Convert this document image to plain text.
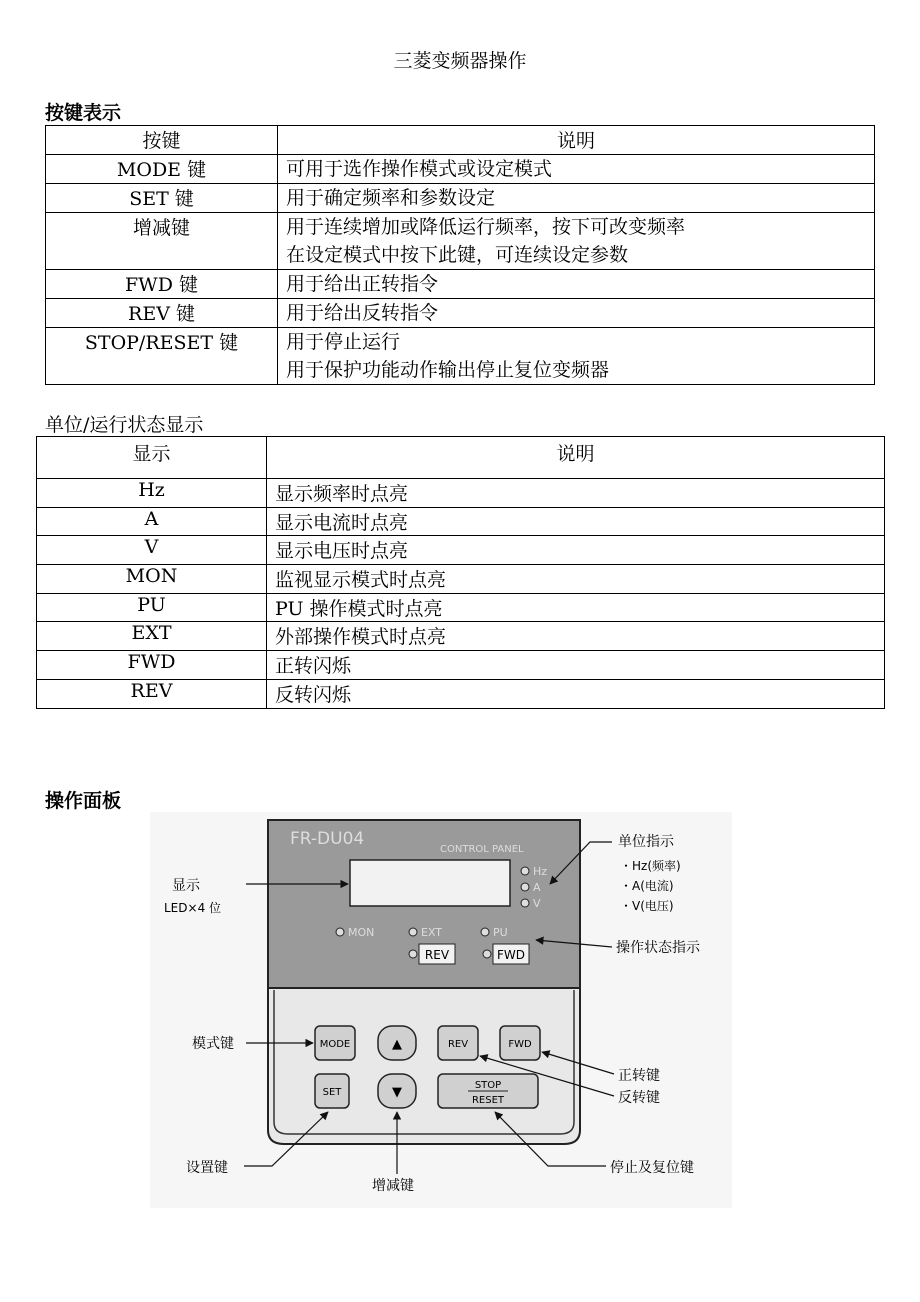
三菱变频器操作
按键表示
按键	说明
MODE 键	可用于选作操作模式或设定模式

SET 键	用于确定频率和参数设定

增减键	用于连续增加或降低运行频率，按下可改变频率
在设定模式中按下此键，可连续设定参数

FWD 键	用于给出正转指令

REV 键	用于给出反转指令

STOP/RESET 键	用于停止运行
用于保护功能动作输出停止复位变频器
单位/运行状态显示
显示	说明
Hz	显示频率时点亮
A	显示电流时点亮
V	显示电压时点亮
MON	监视显示模式时点亮
PU	PU 操作模式时点亮
EXT	外部操作模式时点亮
FWD	正转闪烁
REV	反转闪烁
操作面板
FR-DU04
CONTROL PANEL
Hz
A
V
MON	EXT	PU
REV	FWD
MODE	▲	REV	FWD
SET	▼	STOP
RESET
显示
LED×4 位
单位指示
・Hz(频率)
・A(电流)
・V(电压)
操作状态指示
模式键
正转键
反转键
设置键
增减键
停止及复位键
